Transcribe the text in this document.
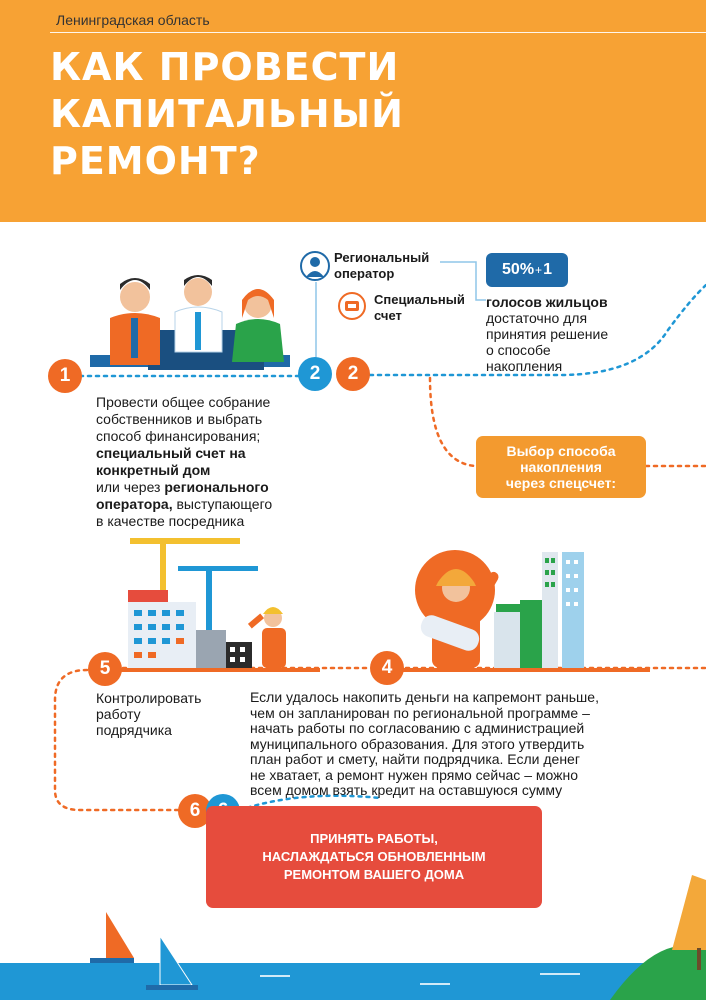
Ленинградская область
КАК ПРОВЕСТИ
КАПИТАЛЬНЫЙ
РЕМОНТ?
1
Провести общее собрание
собственников и выбрать
способ финансирования;
специальный счет на
конкретный дом
или через регионального
оператора, выступающего
в качестве посредника
2	2
Региональный
оператор
Специальный
счет
50% + 1
голосов жильцов
достаточно для
принятия решение
о способе
накопления
Выбор способа
накопления
через спецсчет:
5
Контролировать
работу
подрядчика
4
Если удалось накопить деньги на капремонт раньше,
чем он запланирован по региональной программе –
начать работы по согласованию с администрацией
муниципального образования. Для этого утвердить
план работ и смету, найти подрядчика. Если денег
не хватает, а ремонт нужен прямо сейчас – можно
всем домом взять кредит на оставшуюся сумму
6
ПРИНЯТЬ РАБОТЫ,
НАСЛАЖДАТЬСЯ ОБНОВЛЕННЫМ
РЕМОНТОМ ВАШЕГО ДОМА
